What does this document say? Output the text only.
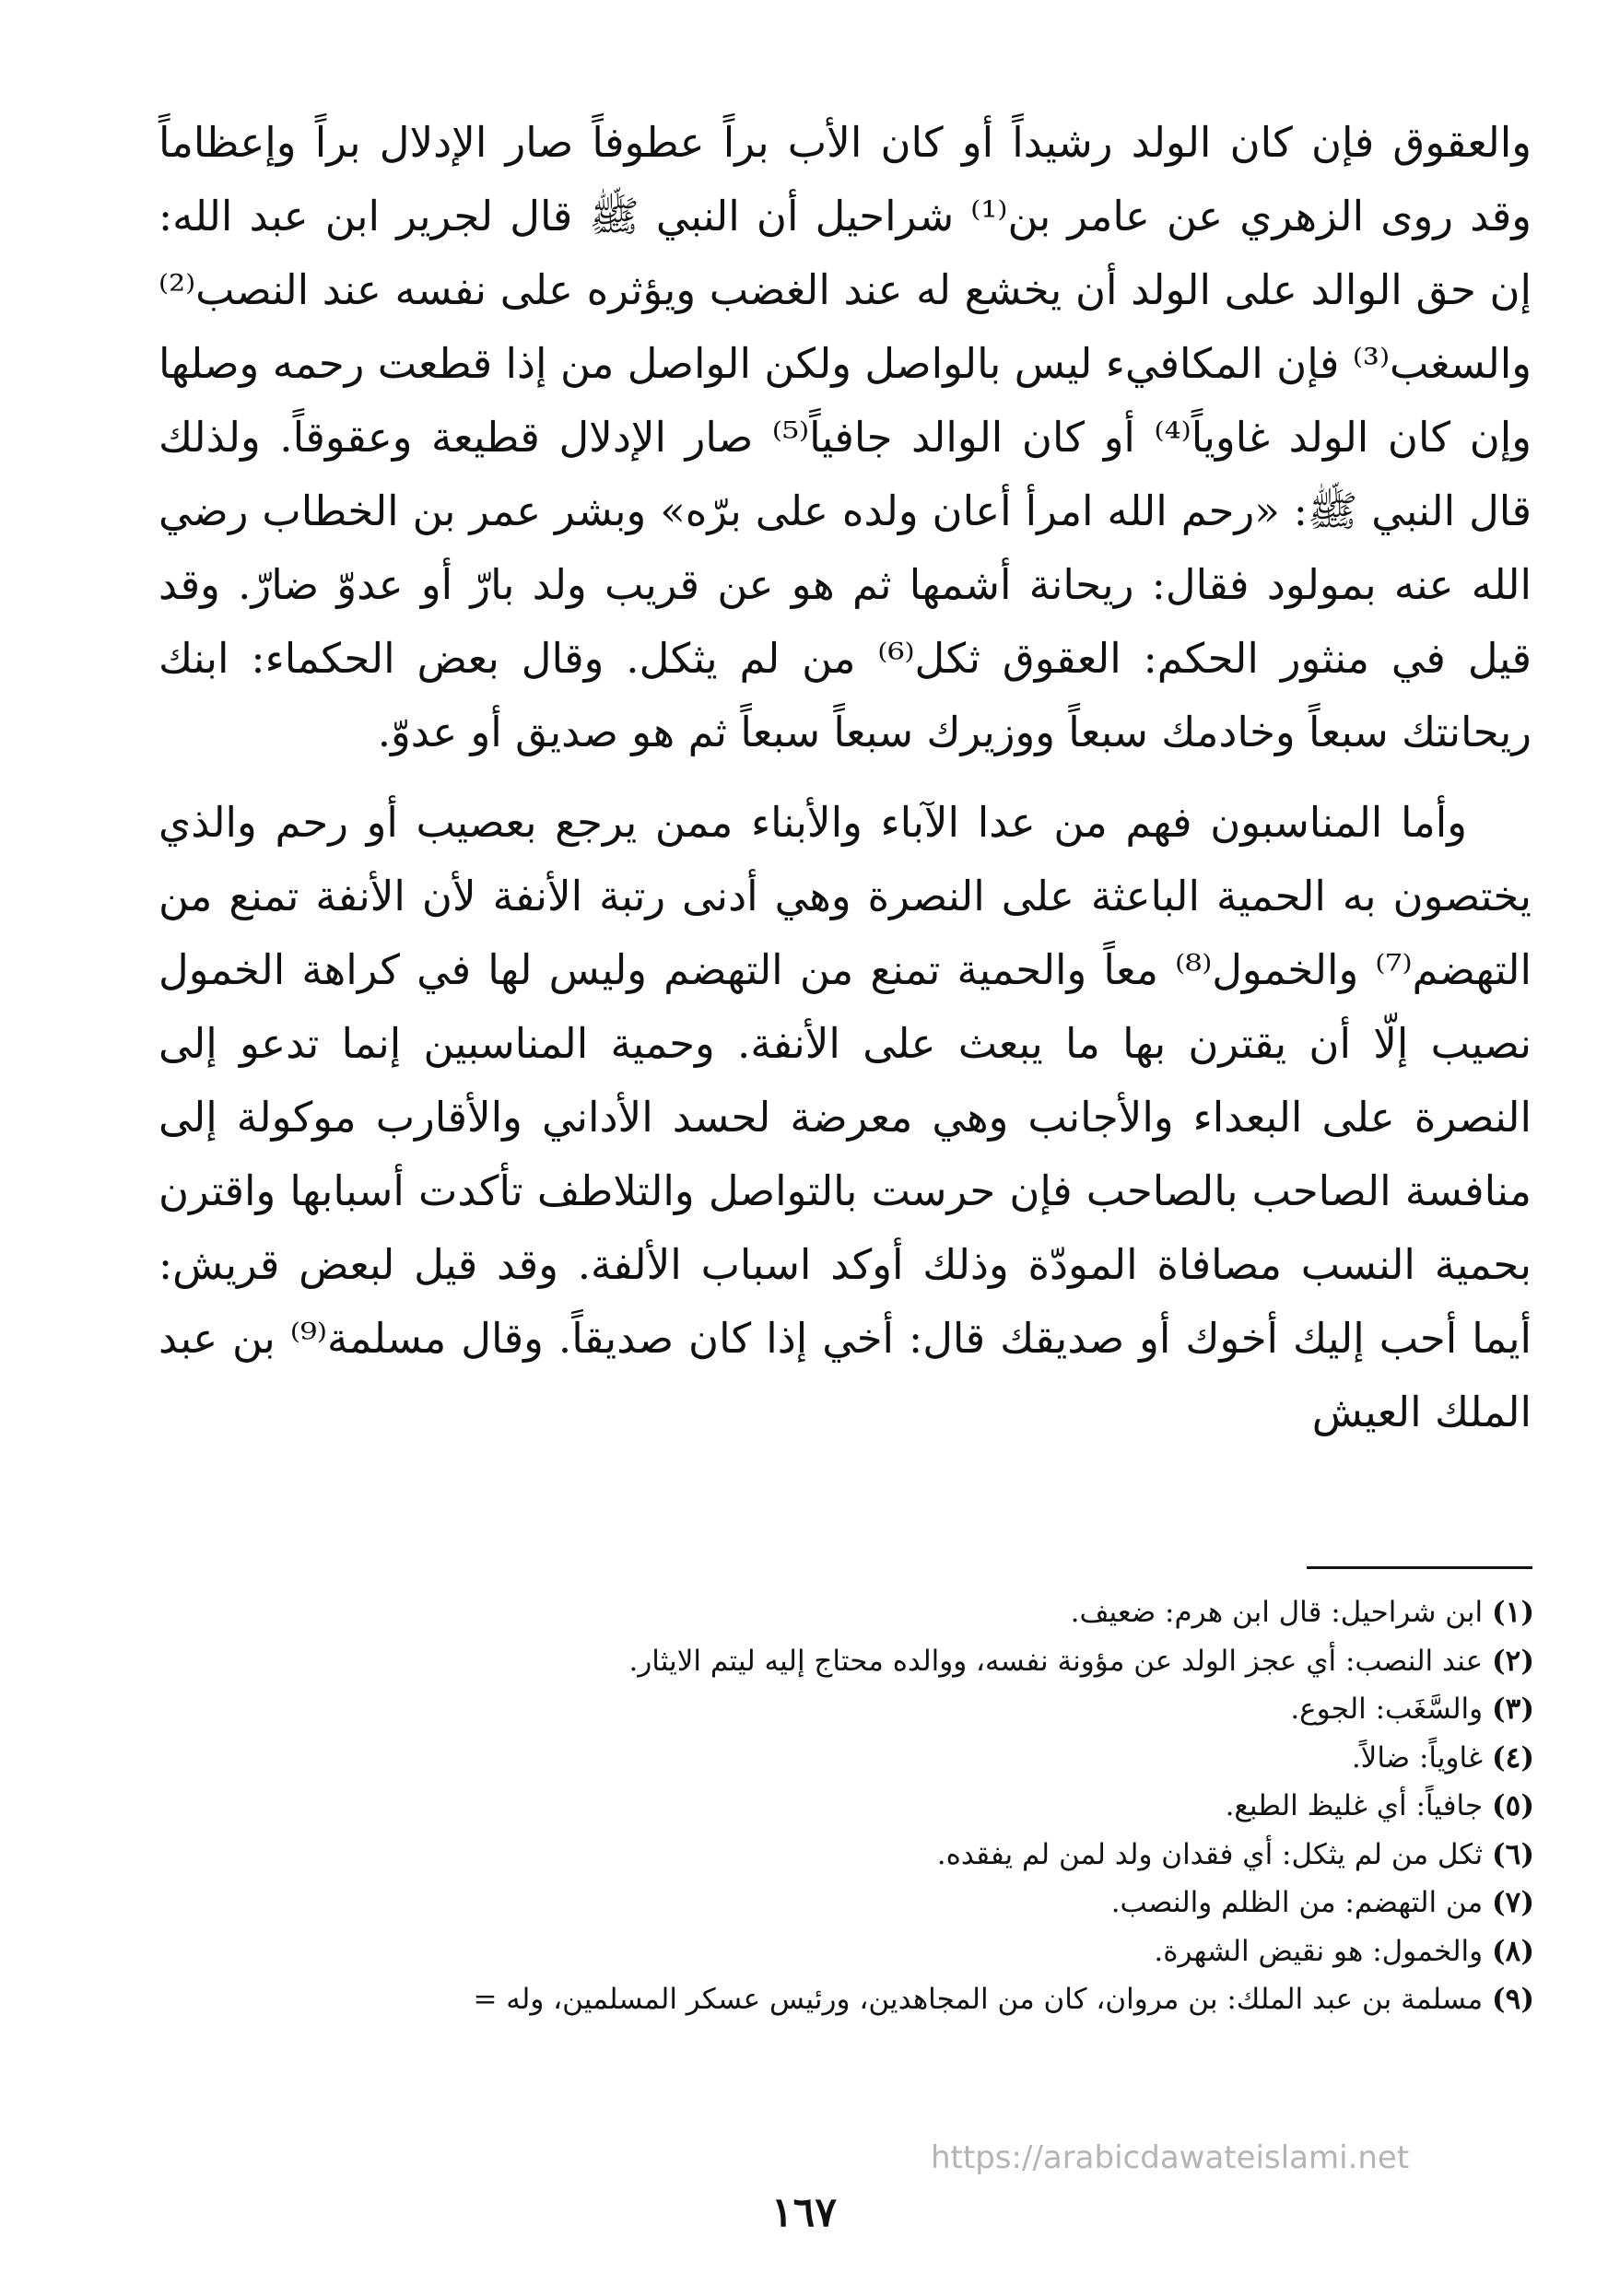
والعقوق فإن كان الولد رشيداً أو كان الأب براً عطوفاً صار الإدلال براً وإعظاماً وقد روى الزهري عن عامر بن⁽¹⁾ شراحيل أن النبي ﷺ قال لجرير ابن عبد الله: إن حق الوالد على الولد أن يخشع له عند الغضب ويؤثره على نفسه عند النصب⁽²⁾ والسغب⁽³⁾ فإن المكافيء ليس بالواصل ولكن الواصل من إذا قطعت رحمه وصلها وإن كان الولد غاوياً⁽⁴⁾ أو كان الوالد جافياً⁽⁵⁾ صار الإدلال قطيعة وعقوقاً. ولذلك قال النبي ﷺ: «رحم الله امرأ أعان ولده على برّه» وبشر عمر بن الخطاب رضي الله عنه بمولود فقال: ريحانة أشمها ثم هو عن قريب ولد بارّ أو عدوّ ضارّ. وقد قيل في منثور الحكم: العقوق ثكل⁽⁶⁾ من لم يثكل. وقال بعض الحكماء: ابنك ريحانتك سبعاً وخادمك سبعاً ووزيرك سبعاً سبعاً ثم هو صديق أو عدوّ.

وأما المناسبون فهم من عدا الآباء والأبناء ممن يرجع بعصيب أو رحم والذي يختصون به الحمية الباعثة على النصرة وهي أدنى رتبة الأنفة لأن الأنفة تمنع من التهضم⁽⁷⁾ والخمول⁽⁸⁾ معاً والحمية تمنع من التهضم وليس لها في كراهة الخمول نصيب إلّا أن يقترن بها ما يبعث على الأنفة. وحمية المناسبين إنما تدعو إلى النصرة على البعداء والأجانب وهي معرضة لحسد الأداني والأقارب موكولة إلى منافسة الصاحب بالصاحب فإن حرست بالتواصل والتلاطف تأكدت أسبابها واقترن بحمية النسب مصافاة المودّة وذلك أوكد اسباب الألفة. وقد قيل لبعض قريش: أيما أحب إليك أخوك أو صديقك قال: أخي إذا كان صديقاً. وقال مسلمة⁽⁹⁾ بن عبد الملك العيش

(١) ابن شراحيل: قال ابن هرم: ضعيف.
(٢) عند النصب: أي عجز الولد عن مؤونة نفسه، ووالده محتاج إليه ليتم الايثار.
(٣) والسَّغَب: الجوع.
(٤) غاوياً: ضالاً.
(٥) جافياً: أي غليظ الطبع.
(٦) ثكل من لم يثكل: أي فقدان ولد لمن لم يفقده.
(٧) من التهضم: من الظلم والنصب.
(٨) والخمول: هو نقيض الشهرة.
(٩) مسلمة بن عبد الملك: بن مروان، كان من المجاهدين، ورئيس عسكر المسلمين، وله =
https://arabicdawateislami.net
١٦٧
